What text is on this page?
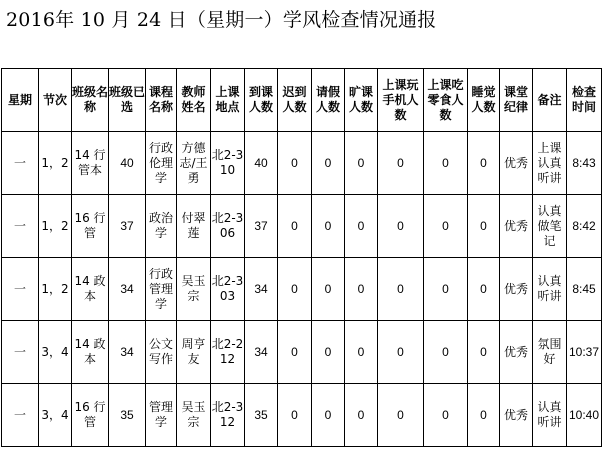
2016年 10 月 24 日（星期一）学风检查情况通报
星期	节次	班级名称	班级已选	课程名称	教师姓名	上课地点	到课人数	迟到人数	请假人数	旷课人数	上课玩手机人数	上课吃零食人数	睡觉人数	课堂纪律	备注	检查时间
一	1，2	14 行管本	40	行政伦理学	方德志/王勇	北2-310	40	0	0	0	0	0	0	优秀	上课认真听讲	8:43
一	1，2	16 行管	37	政治学	付翠莲	北2-306	37	0	0	0	0	0	0	优秀	认真做笔记	8:42
一	1，2	14 政本	34	行政管理学	吴玉宗	北2-303	34	0	0	0	0	0	0	优秀	认真听讲	8:45
一	3，4	14 政本	34	公文写作	周亨友	北2-212	34	0	0	0	0	0	0	优秀	氛围好	10:37
一	3，4	16 行管	35	管理学	吴玉宗	北2-312	35	0	0	0	0	0	0	优秀	认真听讲	10:40
